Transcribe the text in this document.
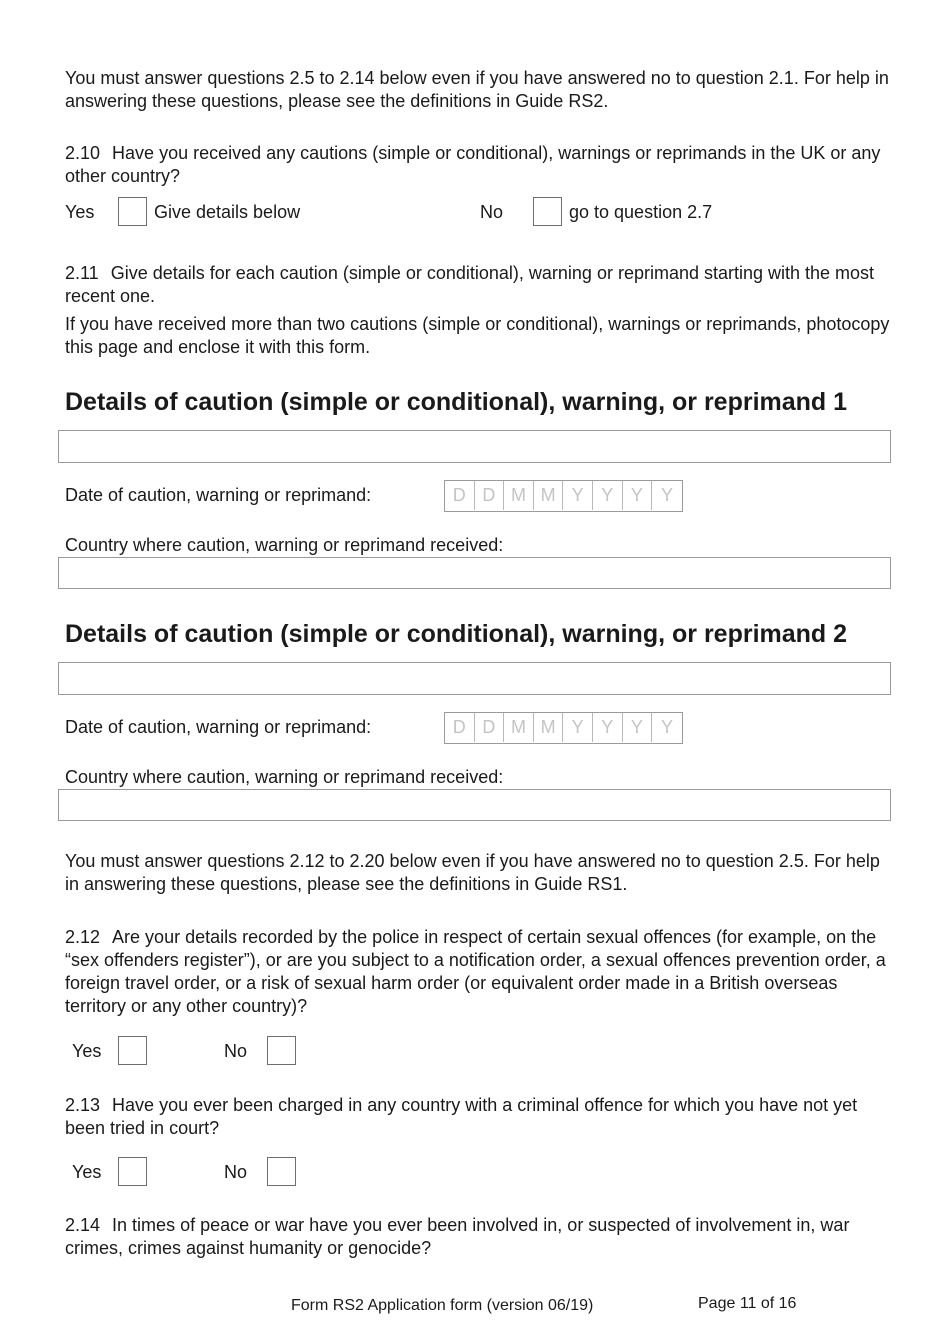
You must answer questions 2.5 to 2.14 below even if you have answered no to question 2.1. For help in answering these questions, please see the definitions in Guide RS2.
2.10 Have you received any cautions (simple or conditional), warnings or reprimands in the UK or any other country?
Yes	Give details below	No	go to question 2.7
2.11 Give details for each caution (simple or conditional), warning or reprimand starting with the most recent one.
If you have received more than two cautions (simple or conditional), warnings or reprimands, photocopy this page and enclose it with this form.
Details of caution (simple or conditional), warning, or reprimand 1
Date of caution, warning or reprimand:	D D M M Y Y Y	Y
Country where caution, warning or reprimand received:
Details of caution (simple or conditional), warning, or reprimand 2
Date of caution, warning or reprimand:	D D M M Y Y Y	Y
Country where caution, warning or reprimand received:
You must answer questions 2.12 to 2.20 below even if you have answered no to question 2.5. For help in answering these questions, please see the definitions in Guide RS1.
2.12 Are your details recorded by the police in respect of certain sexual offences (for example, on the “sex offenders register”), or are you subject to a notification order, a sexual offences prevention order, a foreign travel order, or a risk of sexual harm order (or equivalent order made in a British overseas territory or any other country)?
Yes	No
2.13 Have you ever been charged in any country with a criminal offence for which you have not yet been tried in court?
Yes	No
2.14 In times of peace or war have you ever been involved in, or suspected of involvement in, war crimes, crimes against humanity or genocide?
Form RS2 Application form (version 06/19)	Page 11 of 16
